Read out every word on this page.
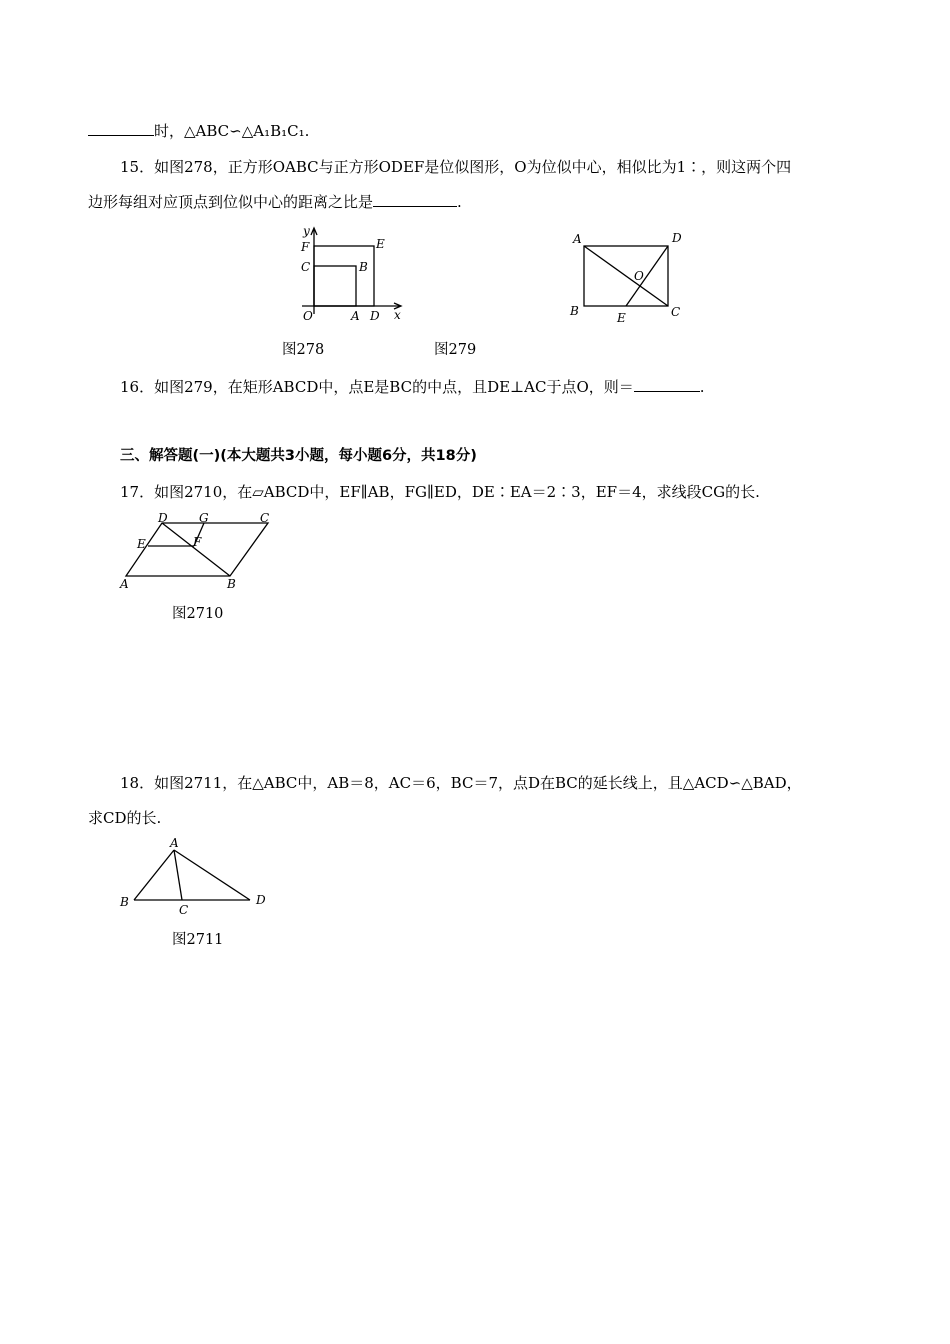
时，△ABC∽△A₁B₁C₁.
15．如图278，正方形OABC与正方形ODEF是位似图形，O为位似中心，相似比为1∶，则这两个四
边形每组对应顶点到位似中心的距离之比是	.
y
F	E
C	B
O	A D x
A	D
O
B	E	C
图278	图279
16．如图279，在矩形ABCD中，点E是BC的中点，且DE⊥AC于点O，则＝	.
三、解答题(一)(本大题共3小题，每小题6分，共18分)
17．如图2710，在▱ABCD中，EF∥AB，FG∥ED，DE∶EA＝2∶3，EF＝4，求线段CG的长.
D	G	C
E	F
A	B
图2710
18．如图2711，在△ABC中，AB＝8，AC＝6，BC＝7，点D在BC的延长线上，且△ACD∽△BAD，
求CD的长.
A
B
C
D
图2711
